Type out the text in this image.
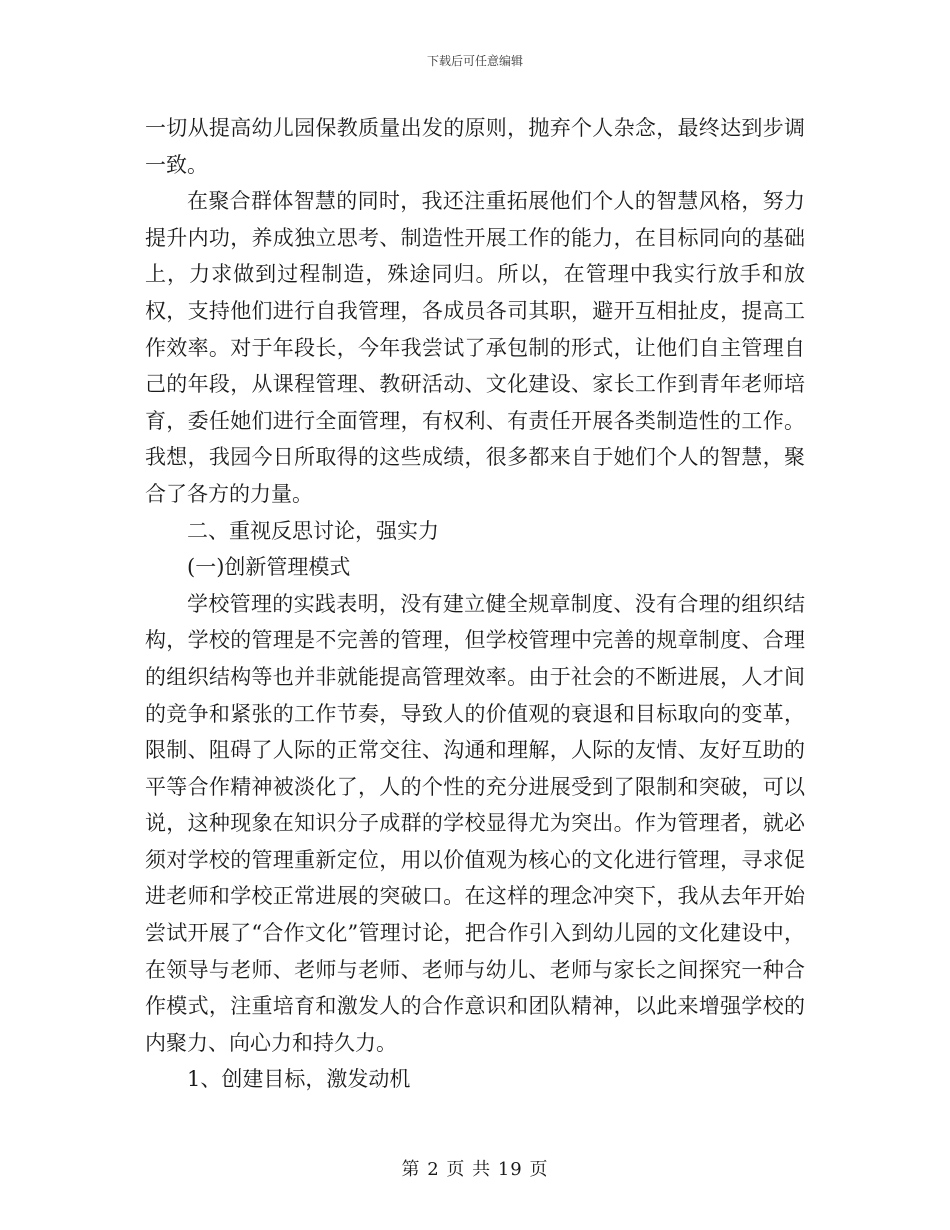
下载后可任意编辑

一切从提高幼儿园保教质量出发的原则，抛弃个人杂念，最终达到步调一致。

在聚合群体智慧的同时，我还注重拓展他们个人的智慧风格，努力提升内功，养成独立思考、制造性开展工作的能力，在目标同向的基础上，力求做到过程制造，殊途同归。所以，在管理中我实行放手和放权，支持他们进行自我管理，各成员各司其职，避开互相扯皮，提高工作效率。对于年段长，今年我尝试了承包制的形式，让他们自主管理自己的年段，从课程管理、教研活动、文化建设、家长工作到青年老师培育，委任她们进行全面管理，有权利、有责任开展各类制造性的工作。我想，我园今日所取得的这些成绩，很多都来自于她们个人的智慧，聚合了各方的力量。

二、重视反思讨论，强实力

(一)创新管理模式

学校管理的实践表明，没有建立健全规章制度、没有合理的组织结构，学校的管理是不完善的管理，但学校管理中完善的规章制度、合理的组织结构等也并非就能提高管理效率。由于社会的不断进展，人才间的竞争和紧张的工作节奏，导致人的价值观的衰退和目标取向的变革，限制、阻碍了人际的正常交往、沟通和理解，人际的友情、友好互助的平等合作精神被淡化了，人的个性的充分进展受到了限制和突破，可以说，这种现象在知识分子成群的学校显得尤为突出。作为管理者，就必须对学校的管理重新定位，用以价值观为核心的文化进行管理，寻求促进老师和学校正常进展的突破口。在这样的理念冲突下，我从去年开始尝试开展了“合作文化”管理讨论，把合作引入到幼儿园的文化建设中，在领导与老师、老师与老师、老师与幼儿、老师与家长之间探究一种合作模式，注重培育和激发人的合作意识和团队精神，以此来增强学校的内聚力、向心力和持久力。

1、创建目标，激发动机

第 2 页 共 19 页
